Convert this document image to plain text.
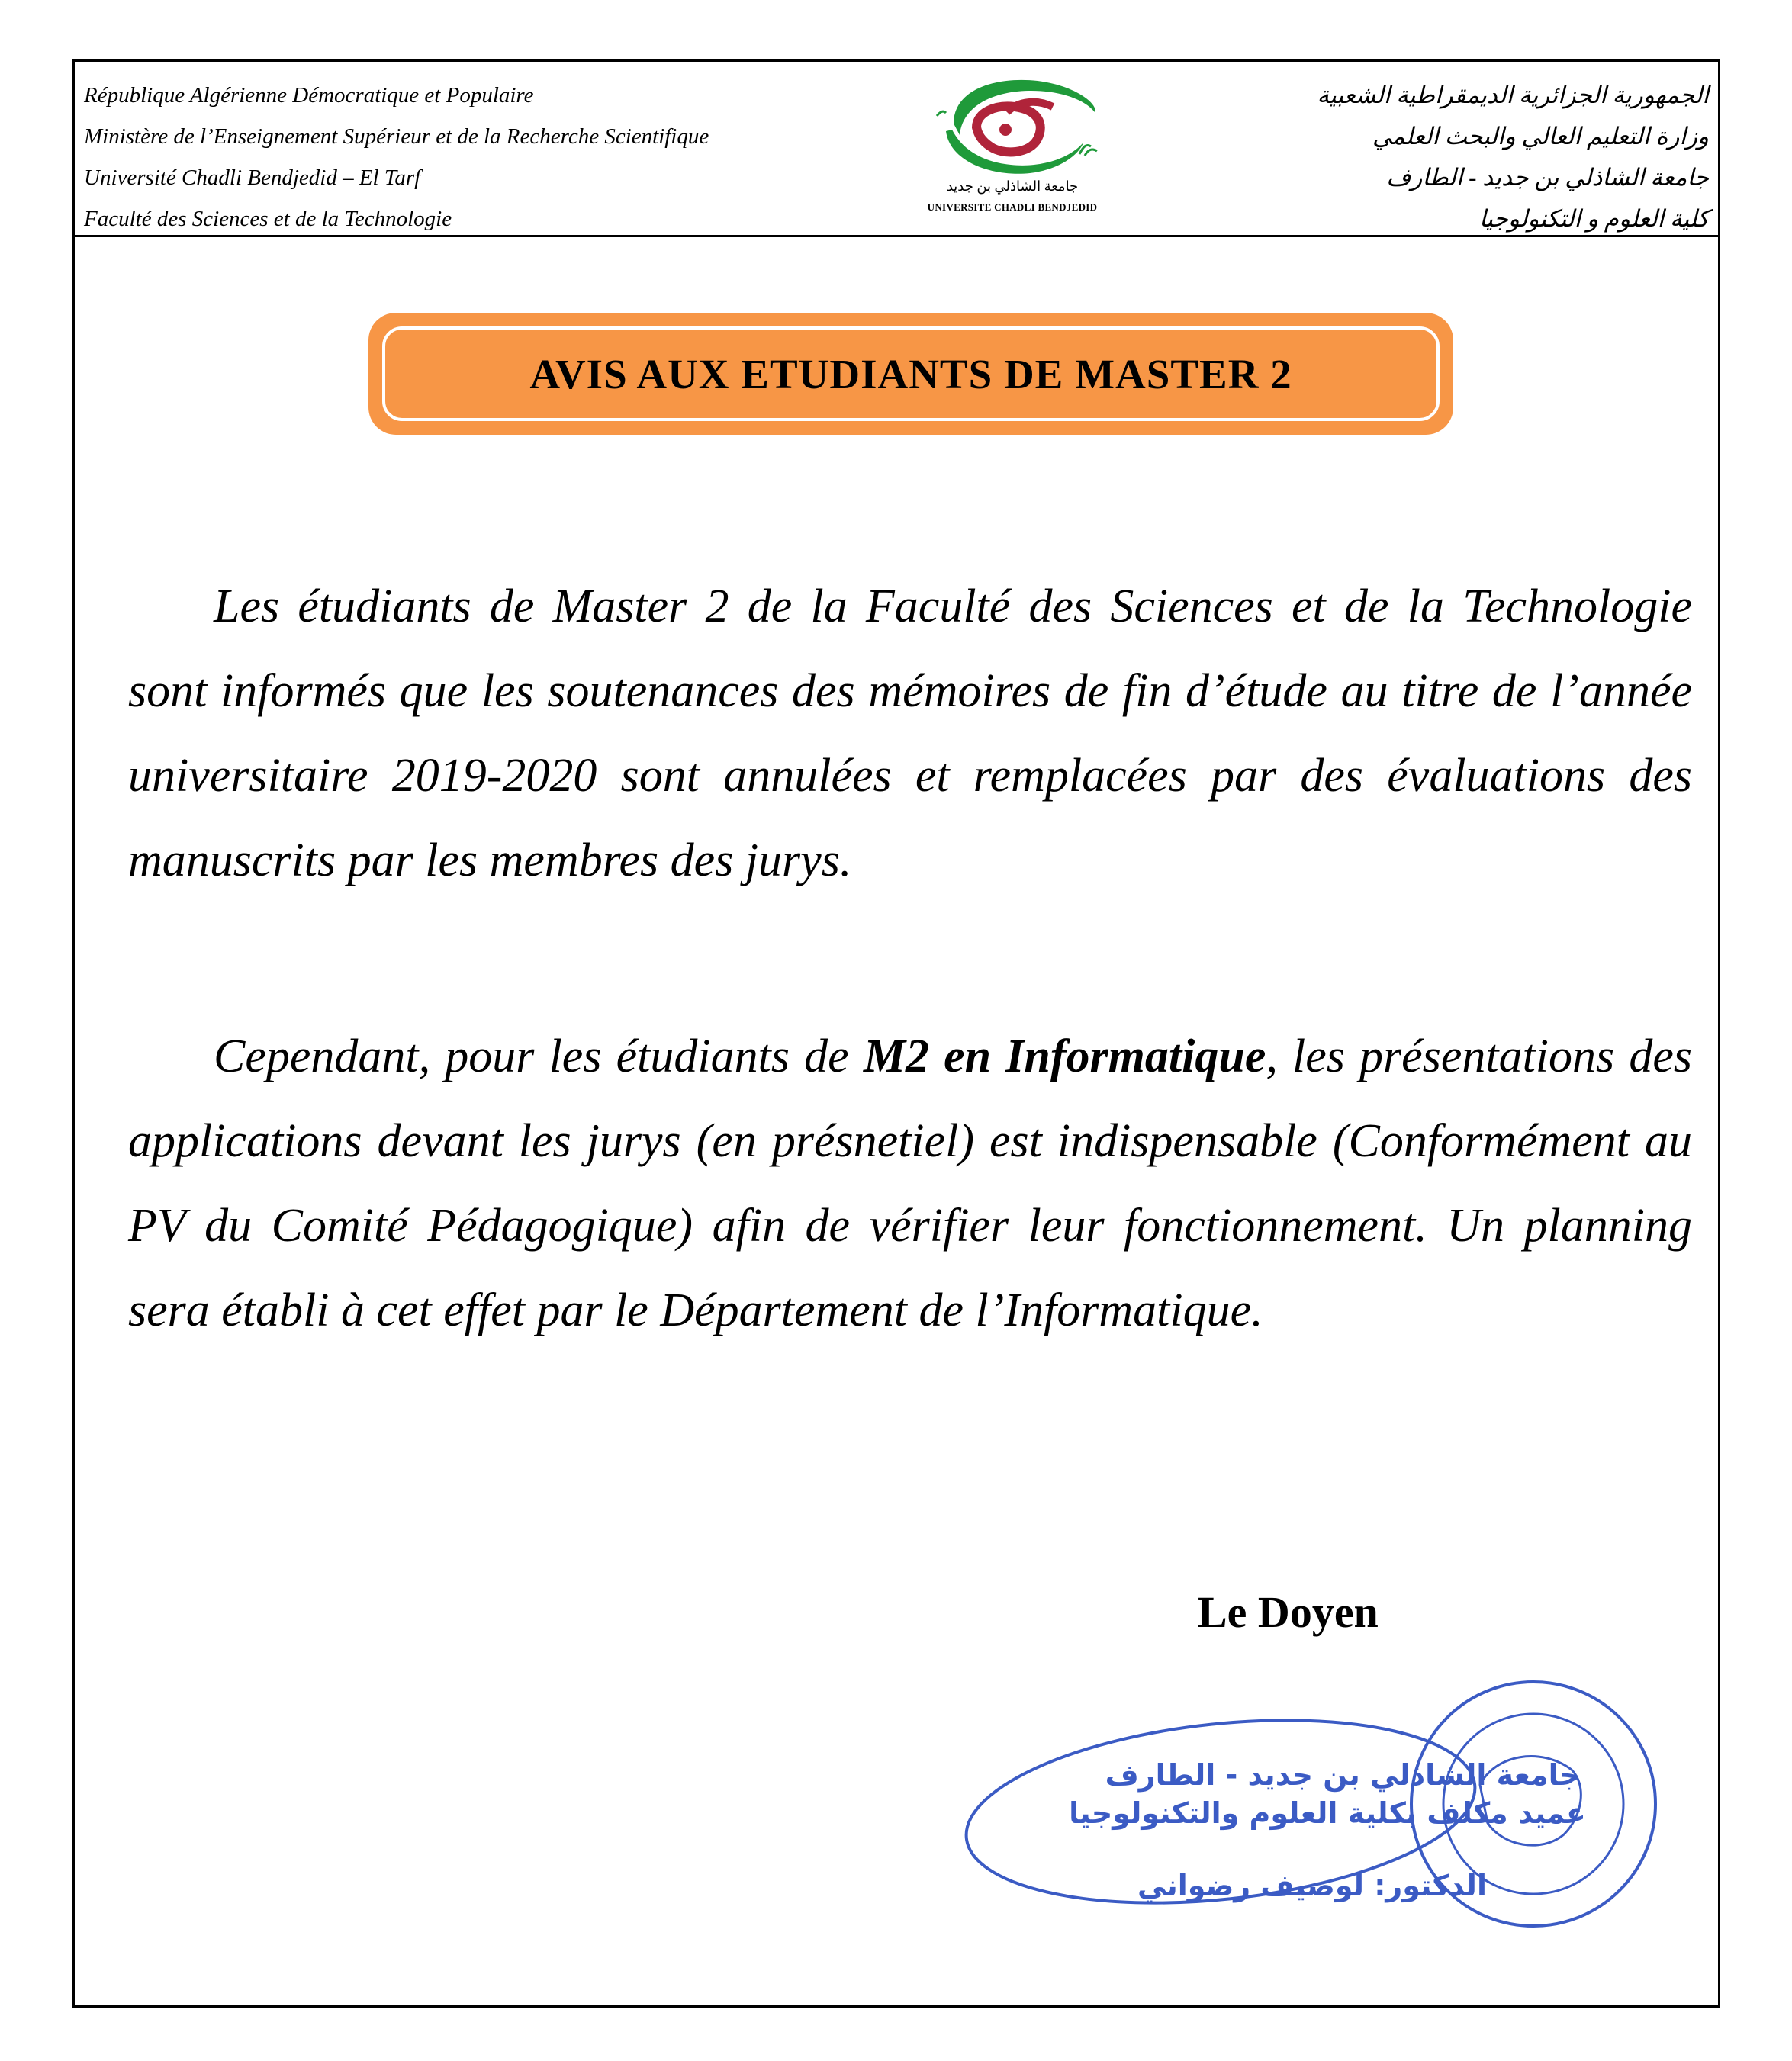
République Algérienne Démocratique et Populaire
Ministère de l’Enseignement Supérieur et de la Recherche Scientifique
Université Chadli Bendjedid – El Tarf
Faculté des Sciences et de la Technologie
جامعة الشاذلي بن جديد
UNIVERSITE CHADLI BENDJEDID
الجمهورية الجزائرية الديمقراطية الشعبية
وزارة التعليم العالي والبحث العلمي
جامعة الشاذلي بن جديد - الطارف
كلية العلوم و التكنولوجيا
AVIS AUX ETUDIANTS DE MASTER 2

Les étudiants de Master 2 de la Faculté des Sciences et de la Technologie sont informés que les soutenances des mémoires de fin d’étude au titre de l’année universitaire 2019-2020 sont annulées et remplacées par des évaluations des manuscrits par les membres des jurys.

Cependant, pour les étudiants de M2 en Informatique, les présentations des applications devant les jurys (en présnetiel) est indispensable (Conformément au PV du Comité Pédagogique) afin de vérifier leur fonctionnement. Un planning sera établi à cet effet par le Département de l’Informatique.

Le Doyen
جامعة الشاذلي بن جديد - الطارف
عميد مكلف بكلية العلوم والتكنولوجيا
الدكتور: لوصيف رضواني
